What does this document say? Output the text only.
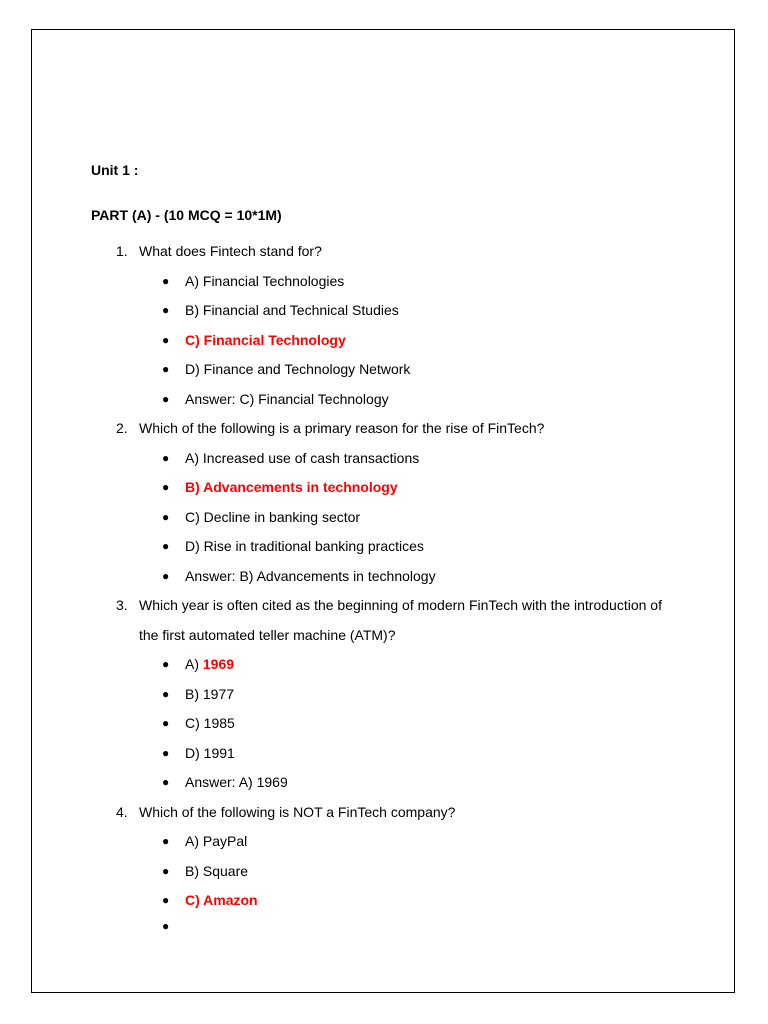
Unit 1 :
PART (A) - (10 MCQ = 10*1M)
1. What does Fintech stand for?
● A) Financial Technologies
● B) Financial and Technical Studies
● C) Financial Technology
● D) Finance and Technology Network
● Answer: C) Financial Technology
2. Which of the following is a primary reason for the rise of FinTech?
● A) Increased use of cash transactions
● B) Advancements in technology
● C) Decline in banking sector
● D) Rise in traditional banking practices
● Answer: B) Advancements in technology
3. Which year is often cited as the beginning of modern FinTech with the introduction of
the first automated teller machine (ATM)?
● A) 1969
● B) 1977
● C) 1985
● D) 1991
● Answer: A) 1969
4. Which of the following is NOT a FinTech company?
● A) PayPal
● B) Square
● C) Amazon
●
